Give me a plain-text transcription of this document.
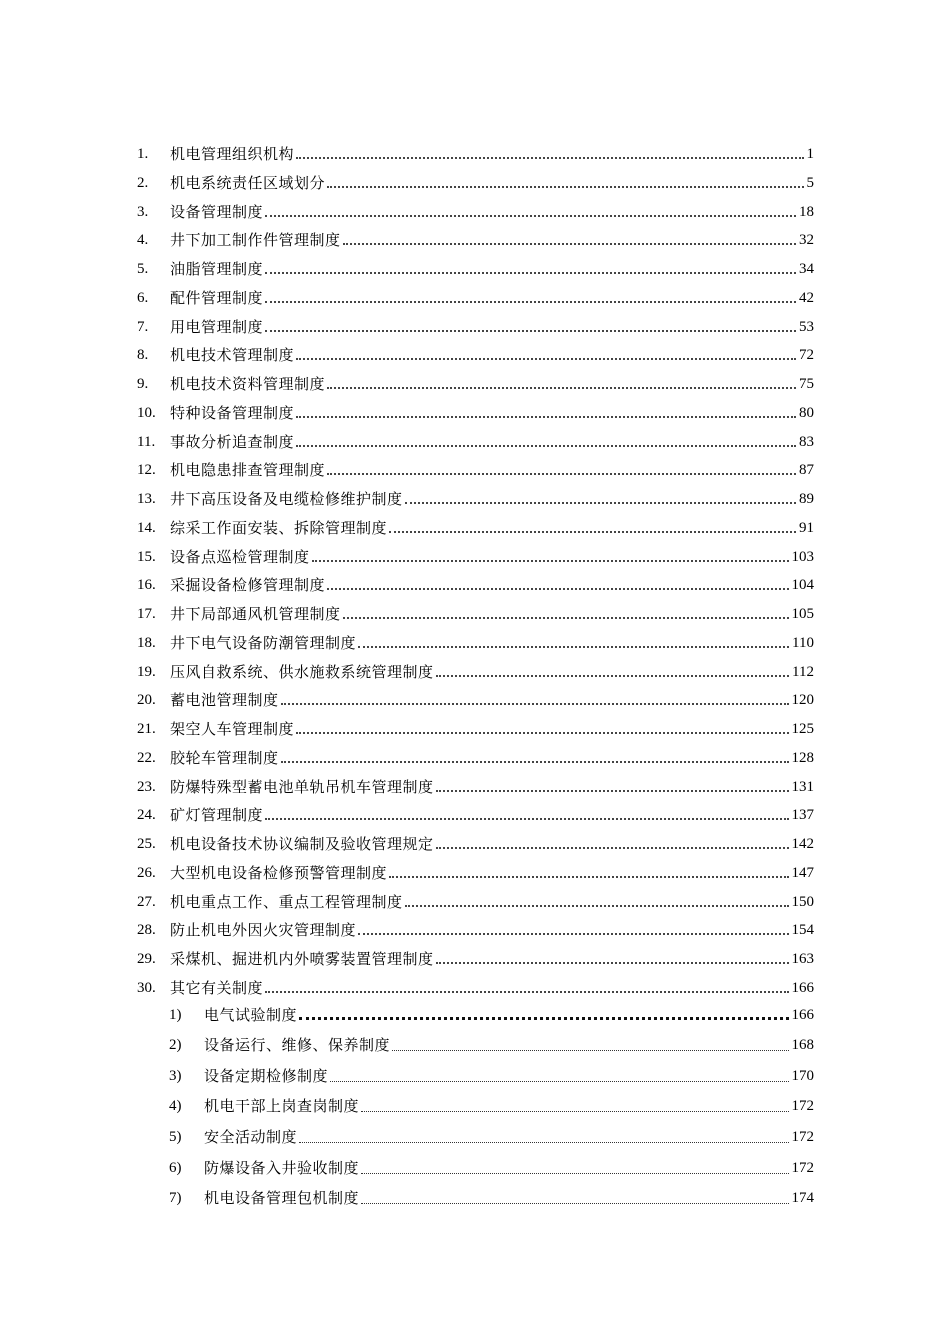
1. 机电管理组织机构	1
2. 机电系统责任区域划分	5
3. 设备管理制度	18
4. 井下加工制作件管理制度	32
5. 油脂管理制度	34
6. 配件管理制度	42
7. 用电管理制度	53
8. 机电技术管理制度	72
9. 机电技术资料管理制度	75
10. 特种设备管理制度	80
11. 事故分析追查制度	83
12. 机电隐患排查管理制度	87
13. 井下高压设备及电缆检修维护制度	89
14. 综采工作面安装、拆除管理制度	91
15. 设备点巡检管理制度	103
16. 采掘设备检修管理制度	104
17. 井下局部通风机管理制度	105
18. 井下电气设备防潮管理制度	110
19. 压风自救系统、供水施救系统管理制度	112
20. 蓄电池管理制度	120
21. 架空人车管理制度	125
22. 胶轮车管理制度	128
23. 防爆特殊型蓄电池单轨吊机车管理制度	131
24. 矿灯管理制度	137
25. 机电设备技术协议编制及验收管理规定	142
26. 大型机电设备检修预警管理制度	147
27. 机电重点工作、重点工程管理制度	150
28. 防止机电外因火灾管理制度	154
29. 采煤机、掘进机内外喷雾装置管理制度	163
30. 其它有关制度	166
1) 电气试验制度	166
2) 设备运行、维修、保养制度	168
3) 设备定期检修制度	170
4) 机电干部上岗查岗制度	172
5) 安全活动制度	172
6) 防爆设备入井验收制度	172
7) 机电设备管理包机制度	174
